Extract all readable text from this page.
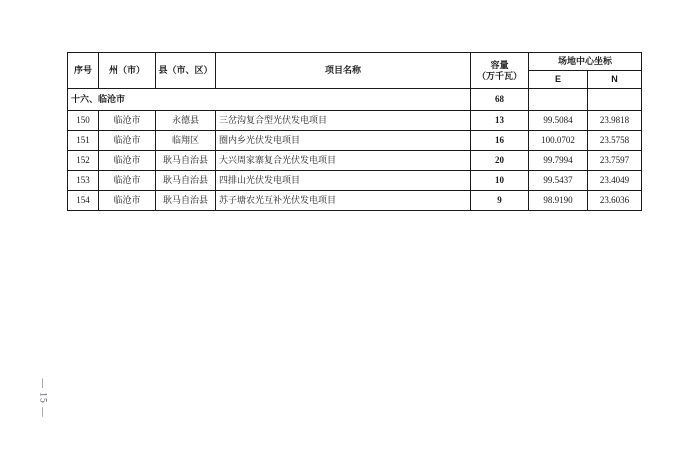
序号	州（市）	县（市、区）	项目名称	容量
（万千瓦）	场地中心坐标	
					E	N
十六、临沧市				68		
150	临沧市	永德县	三岔沟复合型光伏发电项目	13	99.5084	23.9818
151	临沧市	临翔区	圈内乡光伏发电项目	16	100.0702	23.5758
152	临沧市	耿马自治县	大兴周家寨复合光伏发电项目	20	99.7994	23.7597
153	临沧市	耿马自治县	四排山光伏发电项目	10	99.5437	23.4049
154	临沧市	耿马自治县	苏子塘农光互补光伏发电项目	9	98.9190	23.6036
— 15 —
